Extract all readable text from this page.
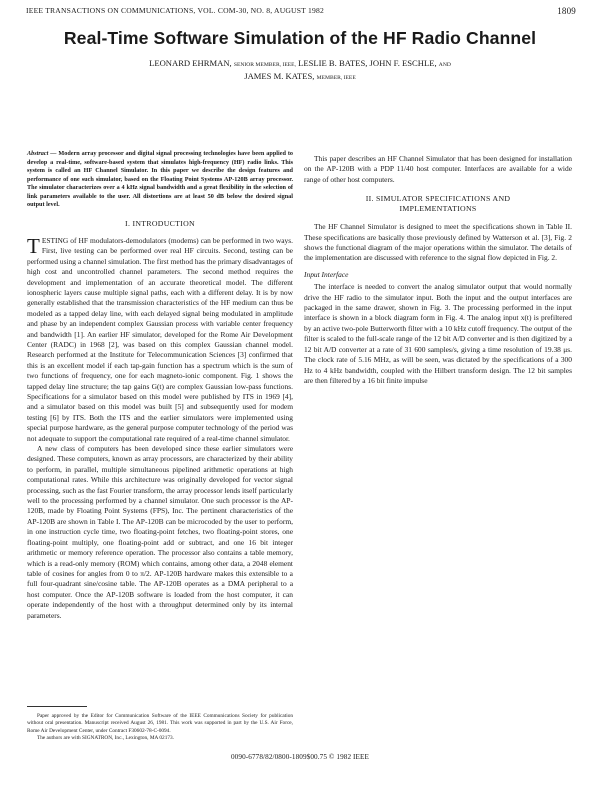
IEEE TRANSACTIONS ON COMMUNICATIONS, VOL. COM-30, NO. 8, AUGUST 1982	1809
Real-Time Software Simulation of the HF Radio Channel
LEONARD EHRMAN, SENIOR MEMBER, IEEE, LESLIE B. BATES, JOHN F. ESCHLE, AND
JAMES M. KATES, MEMBER, IEEE
Abstract — Modern array processor and digital signal processing technologies have been applied to develop a real-time, software-based system that simulates high-frequency (HF) radio links. This system is called an HF Channel Simulator. In this paper we describe the design features and performance of one such simulator, based on the Floating Point Systems AP-120B array processor. The simulator characterizes over a 4 kHz signal bandwidth and a great flexibility in the selection of link parameters available to the user. All distortions are at least 50 dB below the desired signal output level.
I. INTRODUCTION

TESTING of HF modulators-demodulators (modems) can be performed in two ways. First, live testing can be performed over real HF circuits. Second, testing can be performed using a channel simulation. The first method has the primary disadvantages of high cost and uncontrolled channel parameters. The second method requires the development and implementation of an accurate theoretical model. The different ionospheric layers cause multiple signal paths, each with a different delay. It is by now generally established that the transmission characteristics of the HF medium can thus be modeled as a tapped delay line, with each delayed signal being modulated in amplitude and phase by an independent complex Gaussian process with variable center frequency and bandwidth [1]. An earlier HF simulator, developed for the Rome Air Development Center (RADC) in 1968 [2], was based on this complex Gaussian channel model. Research performed at the Institute for Telecommunication Sciences [3] confirmed that this is an excellent model if each tap-gain function has a spectrum which is the sum of two functions of frequency, one for each magneto-ionic component. Fig. 1 shows the tapped delay line structure; the tap gains G(t) are complex Gaussian low-pass functions. Specifications for a simulator based on this model were published by ITS in 1969 [4], and a simulator based on this model was built [5] and subsequently used for modem testing [6] by ITS. Both the ITS and the earlier simulators were implemented using special purpose hardware, as the general purpose computer technology of the period was not adequate to support the computational rate required of a real-time channel simulator.

A new class of computers has been developed since these earlier simulators were designed. These computers, known as array processors, are characterized by their ability to perform, in parallel, multiple simultaneous pipelined arithmetic operations at high computational rates. While this architecture was originally developed for vector signal processing, such as the fast Fourier transform, the array processor lends itself particularly well to the processing performed by a channel simulator. One such processor is the AP-120B, made by Floating Point Systems (FPS), Inc. The pertinent characteristics of the AP-120B are shown in Table I. The AP-120B can be microcoded by the user to perform, in one instruction cycle time, two floating-point fetches, two floating-point stores, one floating-point multiply, one floating-point add or subtract, and one 16 bit integer arithmetic or memory reference operation. The processor also contains a table memory, which is a read-only memory (ROM) which contains, among other data, a 2048 element table of cosines for angles from 0 to π/2. AP-120B hardware makes this extensible to a full four-quadrant sine/cosine table. The AP-120B operates as a DMA peripheral to a host computer. Once the AP-120B software is loaded from the host computer, it can operate independently of the host with a throughput determined only by its internal parameters.

This paper describes an HF Channel Simulator that has been designed for installation on the AP-120B with a PDP 11/40 host computer. Interfaces are available for a wide range of other host computers.

II. SIMULATOR SPECIFICATIONS AND
IMPLEMENTATIONS

The HF Channel Simulator is designed to meet the specifications shown in Table II. These specifications are basically those previously defined by Watterson et al. [3], Fig. 2 shows the functional diagram of the major operations within the simulator. The details of the implementation are discussed with reference to the signal flow depicted in Fig. 2.

Input Interface

The interface is needed to convert the analog simulator output that would normally drive the HF radio to the simulator input. Both the input and the output interfaces are packaged in the same drawer, shown in Fig. 3. The processing performed in the input interface is shown in a block diagram form in Fig. 4. The analog input x(t) is prefiltered by an active two-pole Butterworth filter with a 10 kHz cutoff frequency. The output of the filter is scaled to the full-scale range of the 12 bit A/D converter and is then digitized by a 12 bit A/D converter at a rate of 31 600 samples/s, giving a time resolution of 19.38 μs. The clock rate of 5.16 MHz, as will be seen, was dictated by the specifications of a 300 Hz to 4 kHz bandwidth, coupled with the Hilbert transform design. The 12 bit samples are then filtered by a 16 bit finite impulse

Paper approved by the Editor for Communication Software of the IEEE Communications Society for publication without oral presentation. Manuscript received August 26, 1981. This work was supported in part by the U.S. Air Force, Rome Air Development Center, under Contract F30602-78-C-0094.

The authors are with SIGNATRON, Inc., Lexington, MA 02173.

0090-6778/82/0800-1809$00.75 © 1982 IEEE
